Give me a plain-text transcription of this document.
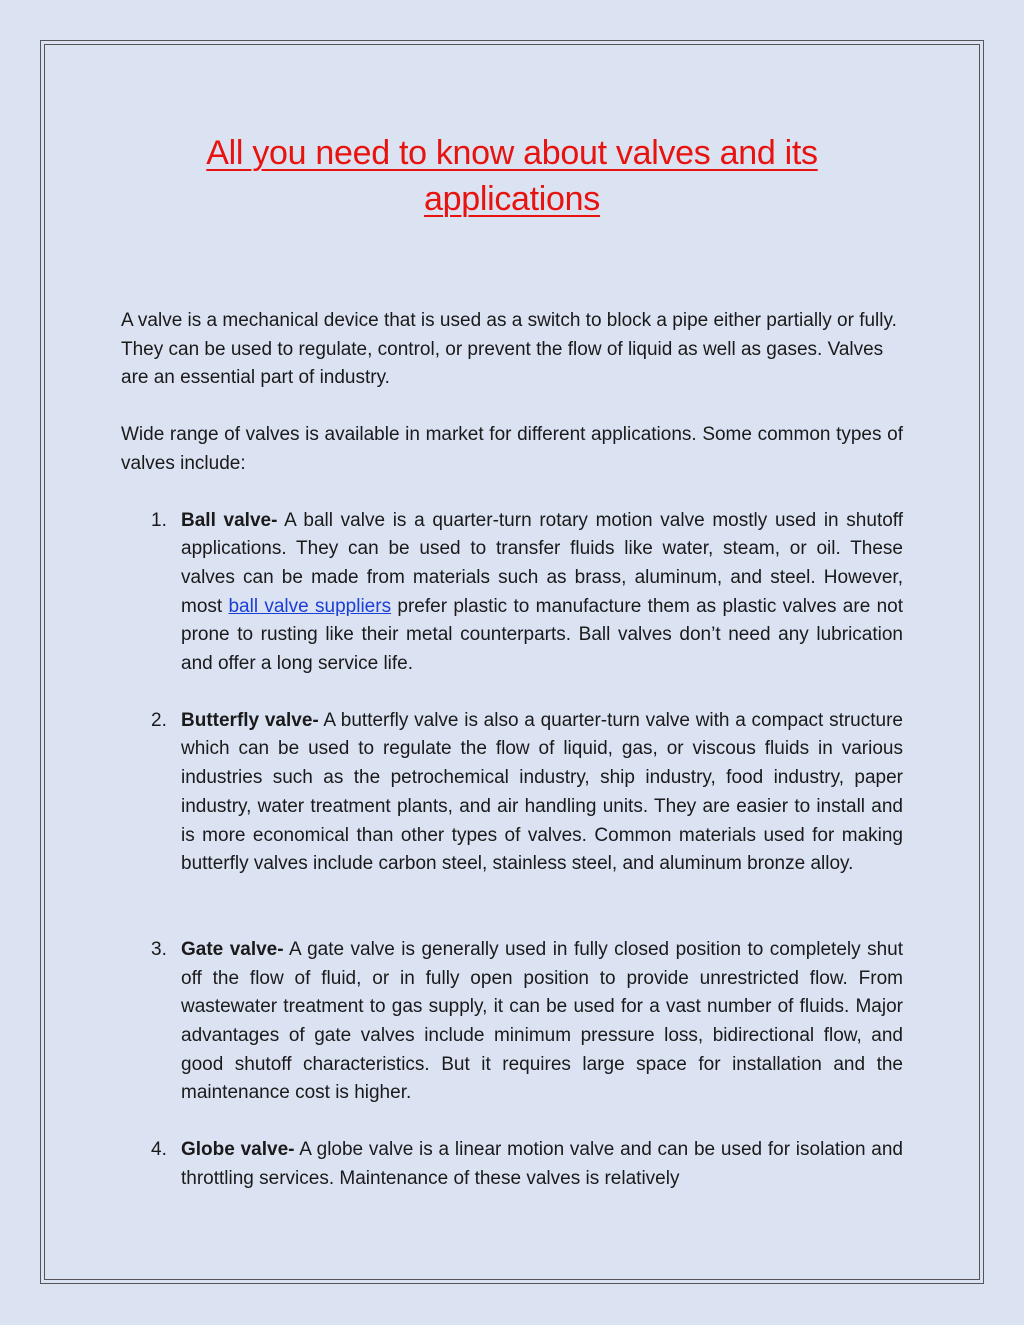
All you need to know about valves and its applications

A valve is a mechanical device that is used as a switch to block a pipe either partially or fully. They can be used to regulate, control, or prevent the flow of liquid as well as gases. Valves are an essential part of industry.

Wide range of valves is available in market for different applications. Some common types of valves include:

1. Ball valve- A ball valve is a quarter-turn rotary motion valve mostly used in shutoff applications. They can be used to transfer fluids like water, steam, or oil. These valves can be made from materials such as brass, aluminum, and steel. However, most ball valve suppliers prefer plastic to manufacture them as plastic valves are not prone to rusting like their metal counterparts. Ball valves don’t need any lubrication and offer a long service life.
2. Butterfly valve- A butterfly valve is also a quarter-turn valve with a compact structure which can be used to regulate the flow of liquid, gas, or viscous fluids in various industries such as the petrochemical industry, ship industry, food industry, paper industry, water treatment plants, and air handling units. They are easier to install and is more economical than other types of valves. Common materials used for making butterfly valves include carbon steel, stainless steel, and aluminum bronze alloy.
3. Gate valve- A gate valve is generally used in fully closed position to completely shut off the flow of fluid, or in fully open position to provide unrestricted flow. From wastewater treatment to gas supply, it can be used for a vast number of fluids. Major advantages of gate valves include minimum pressure loss, bidirectional flow, and good shutoff characteristics. But it requires large space for installation and the maintenance cost is higher.
4. Globe valve- A globe valve is a linear motion valve and can be used for isolation and throttling services. Maintenance of these valves is relatively
